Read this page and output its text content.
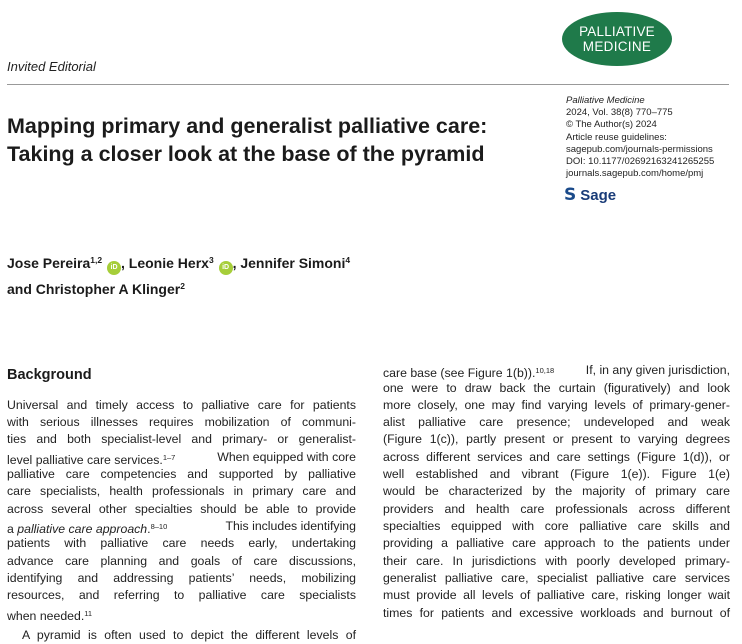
PALLIATIVE
MEDICINE
Invited Editorial
Mapping primary and generalist palliative care: Taking a closer look at the base of the pyramid
Palliative Medicine
2024, Vol. 38(8) 770–775
© The Author(s) 2024
Article reuse guidelines:
sagepub.com/journals-permissions
DOI: 10.1177/02692163241265255
journals.sagepub.com/home/pmj
S Sage
Jose Pereira$^{1,2}$ iD , Leonie Herx$^3$ iD , Jennifer Simoni$^4$
and Christopher A Klinger$^2$
Background
Universal and timely access to palliative care for patients
with serious illnesses requires mobilization of communi-
ties and both specialist-level and primary- or generalist-
level palliative care services.$^{1-7}$	When equipped with core
palliative care competencies and supported by palliative
care specialists, health professionals in primary care and
across several other specialties should be able to provide
a palliative care approach.$^{8-10}$	This includes identifying
patients with palliative care needs early, undertaking
advance care planning and goals of care discussions,
identifying and addressing patients’ needs, mobilizing
resources, and referring to palliative care specialists
when needed.$^{11}$
A pyramid is often used to depict the different levels of
care base (see Figure 1(b)).$^{10,18}$	If, in any given jurisdiction,
one were to draw back the curtain (figuratively) and look
more closely, one may find varying levels of primary-gener-
alist palliative care presence; undeveloped and weak
(Figure 1(c)), partly present or present to varying degrees
across different services and care settings (Figure 1(d)), or
well established and vibrant (Figure 1(e)). Figure 1(e)
would be characterized by the majority of primary care
providers and health care professionals across different
specialties equipped with core palliative care skills and
providing a palliative care approach to the patients under
their care. In jurisdictions with poorly developed primary-
generalist palliative care, specialist palliative care services
must provide all levels of palliative care, risking longer wait
times for patients and excessive workloads and burnout of
